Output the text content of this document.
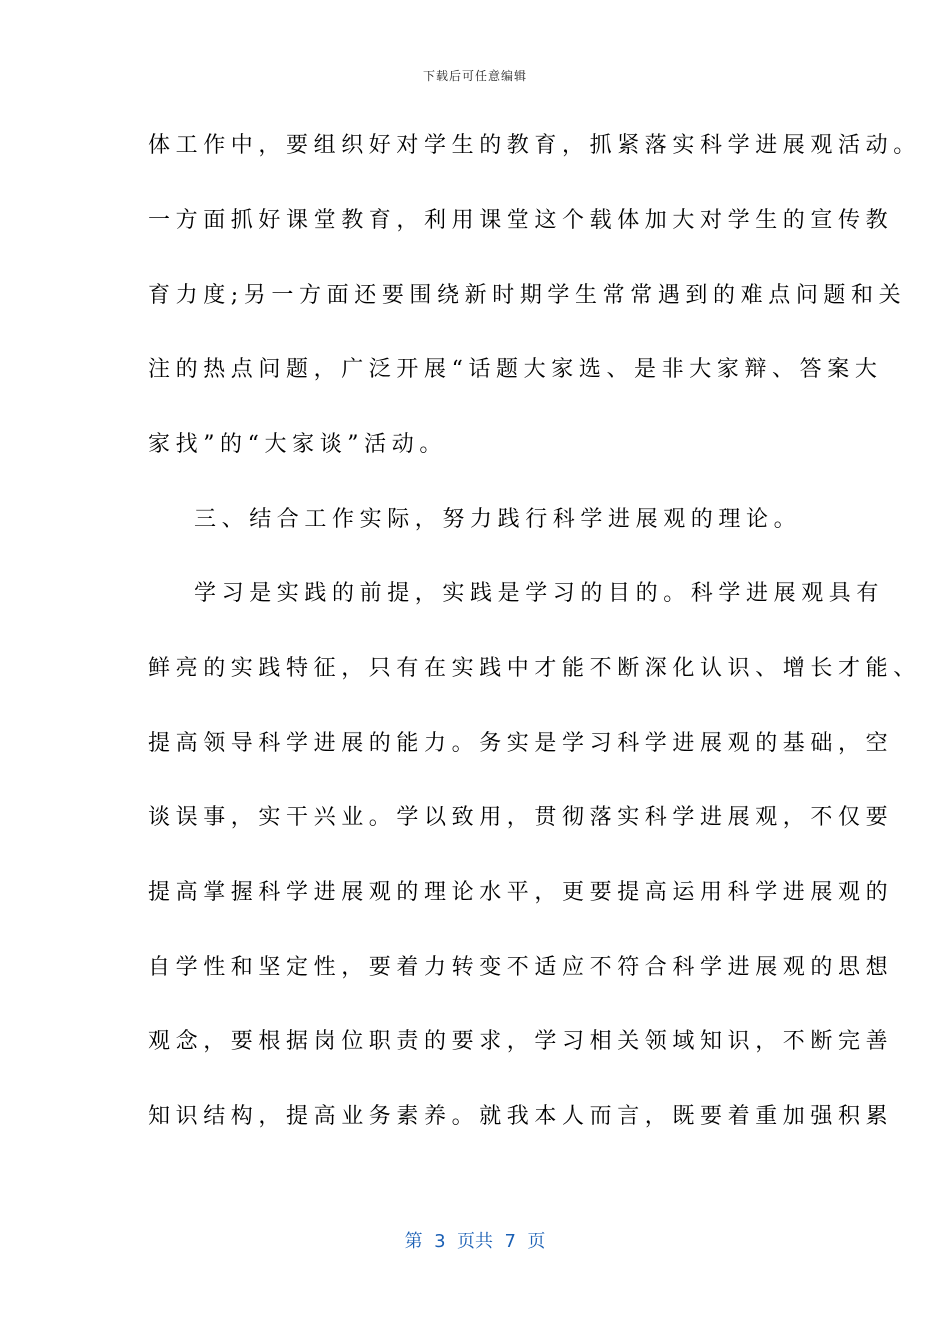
下载后可任意编辑
体工作中，要组织好对学生的教育，抓紧落实科学进展观活动。
一方面抓好课堂教育，利用课堂这个载体加大对学生的宣传教
育力度;另一方面还要围绕新时期学生常常遇到的难点问题和关
注的热点问题，广泛开展“话题大家选、是非大家辩、答案大
家找”的“大家谈”活动。
三、结合工作实际，努力践行科学进展观的理论。
学习是实践的前提，实践是学习的目的。科学进展观具有
鲜亮的实践特征，只有在实践中才能不断深化认识、增长才能、
提高领导科学进展的能力。务实是学习科学进展观的基础，空
谈误事，实干兴业。学以致用，贯彻落实科学进展观，不仅要
提高掌握科学进展观的理论水平，更要提高运用科学进展观的
自学性和坚定性，要着力转变不适应不符合科学进展观的思想
观念，要根据岗位职责的要求，学习相关领域知识，不断完善
知识结构，提高业务素养。就我本人而言，既要着重加强积累
第  3  页共  7  页
